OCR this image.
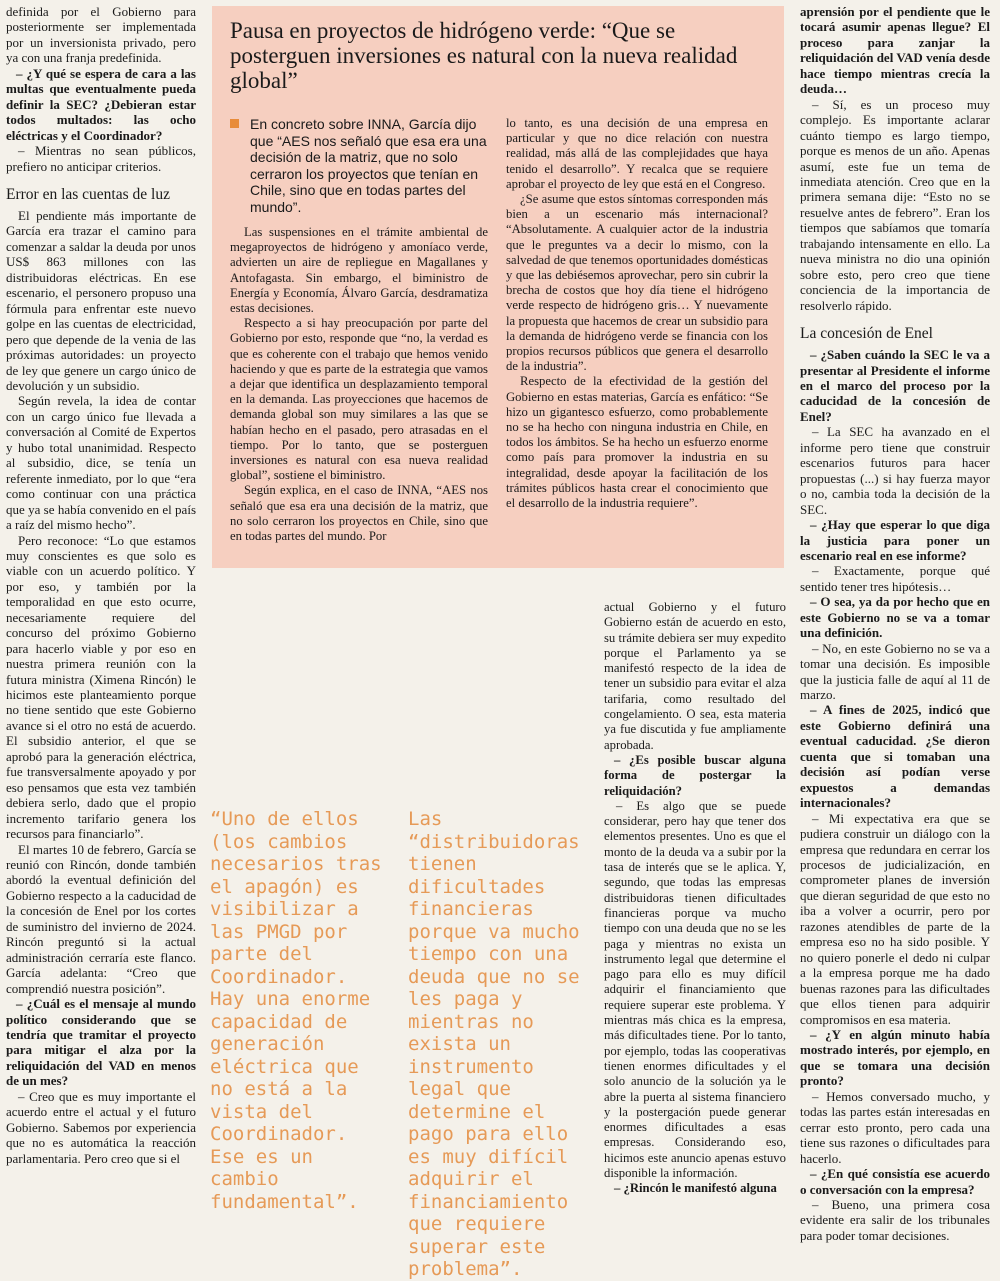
definida por el Gobierno para posteriormente ser implementada por un inversionista privado, pero ya con una franja predefinida.

– ¿Y qué se espera de cara a las multas que eventualmente pueda definir la SEC? ¿Debieran estar todos multados: las ocho eléctricas y el Coordinador?

– Mientras no sean públicos, prefiero no anticipar criterios.

Error en las cuentas de luz

El pendiente más importante de García era trazar el camino para comenzar a saldar la deuda por unos US$ 863 millones con las distribuidoras eléctricas. En ese escenario, el personero propuso una fórmula para enfrentar este nuevo golpe en las cuentas de electricidad, pero que depende de la venia de las próximas autoridades: un proyecto de ley que genere un cargo único de devolución y un subsidio.

Según revela, la idea de contar con un cargo único fue llevada a conversación al Comité de Expertos y hubo total unanimidad. Respecto al subsidio, dice, se tenía un referente inmediato, por lo que “era como continuar con una práctica que ya se había convenido en el país a raíz del mismo hecho”.

Pero reconoce: “Lo que estamos muy conscientes es que solo es viable con un acuerdo político. Y por eso, y también por la temporalidad en que esto ocurre, necesariamente requiere del concurso del próximo Gobierno para hacerlo viable y por eso en nuestra primera reunión con la futura ministra (Ximena Rincón) le hicimos este planteamiento porque no tiene sentido que este Gobierno avance si el otro no está de acuerdo. El subsidio anterior, el que se aprobó para la generación eléctrica, fue transversalmente apoyado y por eso pensamos que esta vez también debiera serlo, dado que el propio incremento tarifario genera los recursos para financiarlo”.

El martes 10 de febrero, García se reunió con Rincón, donde también abordó la eventual definición del Gobierno respecto a la caducidad de la concesión de Enel por los cortes de suministro del invierno de 2024. Rincón preguntó si la actual administración cerraría este flanco. García adelanta: “Creo que comprendió nuestra posición”.

– ¿Cuál es el mensaje al mundo político considerando que se tendría que tramitar el proyecto para mitigar el alza por la reliquidación del VAD en menos de un mes?

– Creo que es muy importante el acuerdo entre el actual y el futuro Gobierno. Sabemos por experiencia que no es automática la reacción parlamentaria. Pero creo que si el

Pausa en proyectos de hidrógeno verde: “Que se posterguen inversiones es natural con la nueva realidad global”
En concreto sobre INNA, García dijo que “AES nos señaló que esa era una decisión de la matriz, que no solo cerraron los proyectos que tenían en Chile, sino que en todas partes del mundo”.

Las suspensiones en el trámite ambiental de megaproyectos de hidrógeno y amoníaco verde, advierten un aire de repliegue en Magallanes y Antofagasta. Sin embargo, el biministro de Energía y Economía, Álvaro García, desdramatiza estas decisiones.

Respecto a si hay preocupación por parte del Gobierno por esto, responde que “no, la verdad es que es coherente con el trabajo que hemos venido haciendo y que es parte de la estrategia que vamos a dejar que identifica un desplazamiento temporal en la demanda. Las proyecciones que hacemos de demanda global son muy similares a las que se habían hecho en el pasado, pero atrasadas en el tiempo. Por lo tanto, que se posterguen inversiones es natural con esa nueva realidad global”, sostiene el biministro.

Según explica, en el caso de INNA, “AES nos señaló que esa era una decisión de la matriz, que no solo cerraron los proyectos en Chile, sino que en todas partes del mundo. Por

lo tanto, es una decisión de una empresa en particular y que no dice relación con nuestra realidad, más allá de las complejidades que haya tenido el desarrollo”. Y recalca que se requiere aprobar el proyecto de ley que está en el Congreso.

¿Se asume que estos síntomas corresponden más bien a un escenario más internacional? “Absolutamente. A cualquier actor de la industria que le preguntes va a decir lo mismo, con la salvedad de que tenemos oportunidades domésticas y que las debiésemos aprovechar, pero sin cubrir la brecha de costos que hoy día tiene el hidrógeno verde respecto de hidrógeno gris… Y nuevamente la propuesta que hacemos de crear un subsidio para la demanda de hidrógeno verde se financia con los propios recursos públicos que genera el desarrollo de la industria”.

Respecto de la efectividad de la gestión del Gobierno en estas materias, García es enfático: “Se hizo un gigantesco esfuerzo, como probablemente no se ha hecho con ninguna industria en Chile, en todos los ámbitos. Se ha hecho un esfuerzo enorme como país para promover la industria en su integralidad, desde apoyar la facilitación de los trámites públicos hasta crear el conocimiento que el desarrollo de la industria requiere”.

“Uno de ellos (los cambios necesarios tras el apagón) es visibilizar a las PMGD por parte del Coordinador. Hay una enorme capacidad de generación eléctrica que no está a la vista del Coordinador. Ese es un cambio fundamental”.
Las “distribuidoras tienen dificultades financieras porque va mucho tiempo con una deuda que no se les paga y mientras no exista un instrumento legal que determine el pago para ello es muy difícil adquirir el financiamiento que requiere superar este problema”.

actual Gobierno y el futuro Gobierno están de acuerdo en esto, su trámite debiera ser muy expedito porque el Parlamento ya se manifestó respecto de la idea de tener un subsidio para evitar el alza tarifaria, como resultado del congelamiento. O sea, esta materia ya fue discutida y fue ampliamente aprobada.

– ¿Es posible buscar alguna forma de postergar la reliquidación?

– Es algo que se puede considerar, pero hay que tener dos elementos presentes. Uno es que el monto de la deuda va a subir por la tasa de interés que se le aplica. Y, segundo, que todas las empresas distribuidoras tienen dificultades financieras porque va mucho tiempo con una deuda que no se les paga y mientras no exista un instrumento legal que determine el pago para ello es muy difícil adquirir el financiamiento que requiere superar este problema. Y mientras más chica es la empresa, más dificultades tiene. Por lo tanto, por ejemplo, todas las cooperativas tienen enormes dificultades y el solo anuncio de la solución ya le abre la puerta al sistema financiero y la postergación puede generar enormes dificultades a esas empresas. Considerando eso, hicimos este anuncio apenas estuvo disponible la información.

– ¿Rincón le manifestó alguna

aprensión por el pendiente que le tocará asumir apenas llegue? El proceso para zanjar la reliquidación del VAD venía desde hace tiempo mientras crecía la deuda…

– Sí, es un proceso muy complejo. Es importante aclarar cuánto tiempo es largo tiempo, porque es menos de un año. Apenas asumí, este fue un tema de inmediata atención. Creo que en la primera semana dije: “Esto no se resuelve antes de febrero”. Eran los tiempos que sabíamos que tomaría trabajando intensamente en ello. La nueva ministra no dio una opinión sobre esto, pero creo que tiene conciencia de la importancia de resolverlo rápido.

La concesión de Enel

– ¿Saben cuándo la SEC le va a presentar al Presidente el informe en el marco del proceso por la caducidad de la concesión de Enel?

– La SEC ha avanzado en el informe pero tiene que construir escenarios futuros para hacer propuestas (...) si hay fuerza mayor o no, cambia toda la decisión de la SEC.

– ¿Hay que esperar lo que diga la justicia para poner un escenario real en ese informe?

– Exactamente, porque qué sentido tener tres hipótesis…

– O sea, ya da por hecho que en este Gobierno no se va a tomar una definición.

– No, en este Gobierno no se va a tomar una decisión. Es imposible que la justicia falle de aquí al 11 de marzo.

– A fines de 2025, indicó que este Gobierno definirá una eventual caducidad. ¿Se dieron cuenta que si tomaban una decisión así podían verse expuestos a demandas internacionales?

– Mi expectativa era que se pudiera construir un diálogo con la empresa que redundara en cerrar los procesos de judicialización, en comprometer planes de inversión que dieran seguridad de que esto no iba a volver a ocurrir, pero por razones atendibles de parte de la empresa eso no ha sido posible. Y no quiero ponerle el dedo ni culpar a la empresa porque me ha dado buenas razones para las dificultades que ellos tienen para adquirir compromisos en esa materia.

– ¿Y en algún minuto había mostrado interés, por ejemplo, en que se tomara una decisión pronto?

– Hemos conversado mucho, y todas las partes están interesadas en cerrar esto pronto, pero cada una tiene sus razones o dificultades para hacerlo.

– ¿En qué consistía ese acuerdo o conversación con la empresa?

– Bueno, una primera cosa evidente era salir de los tribunales para poder tomar decisiones.
